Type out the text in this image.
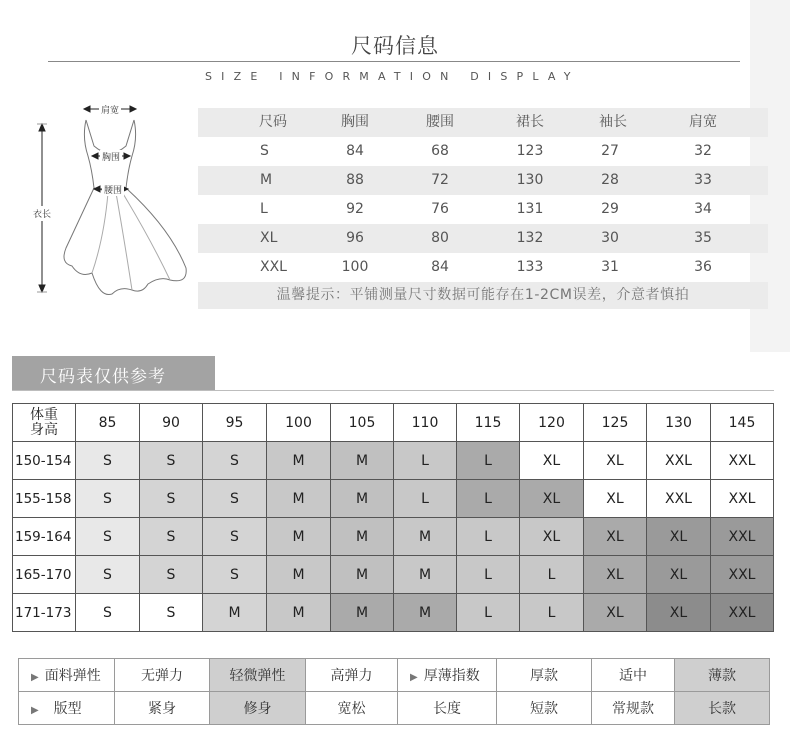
尺码信息
SIZE INFORMATION DISPLAY
肩宽
胸围
腰围
衣长
尺码	胸围	腰围	裙长	袖长	肩宽
S	84	68	123	27	32
M	88	72	130	28	33
L	92	76	131	29	34
XL	96	80	132	30	35
XXL	100	84	133	31	36
温馨提示：平铺测量尺寸数据可能存在1-2CM误差，介意者慎拍
尺码表仅供参考
体重
身高	85	90	95	100	105	110	115	120	125	130	145
150-154	S	S	S	M	M	L	L	XL	XL	XXL	XXL
155-158	S	S	S	M	M	L	L	XL	XL	XXL	XXL
159-164	S	S	S	M	M	M	L	XL	XL	XL	XXL
165-170	S	S	S	M	M	M	L	L	XL	XL	XXL
171-173	S	S	M	M	M	M	L	L	XL	XL	XXL
▶ 面料弹性	无弹力	轻微弹性	高弹力	▶ 厚薄指数	厚款	适中	薄款
▶ 版型	紧身	修身	宽松	长度	短款	常规款	长款
